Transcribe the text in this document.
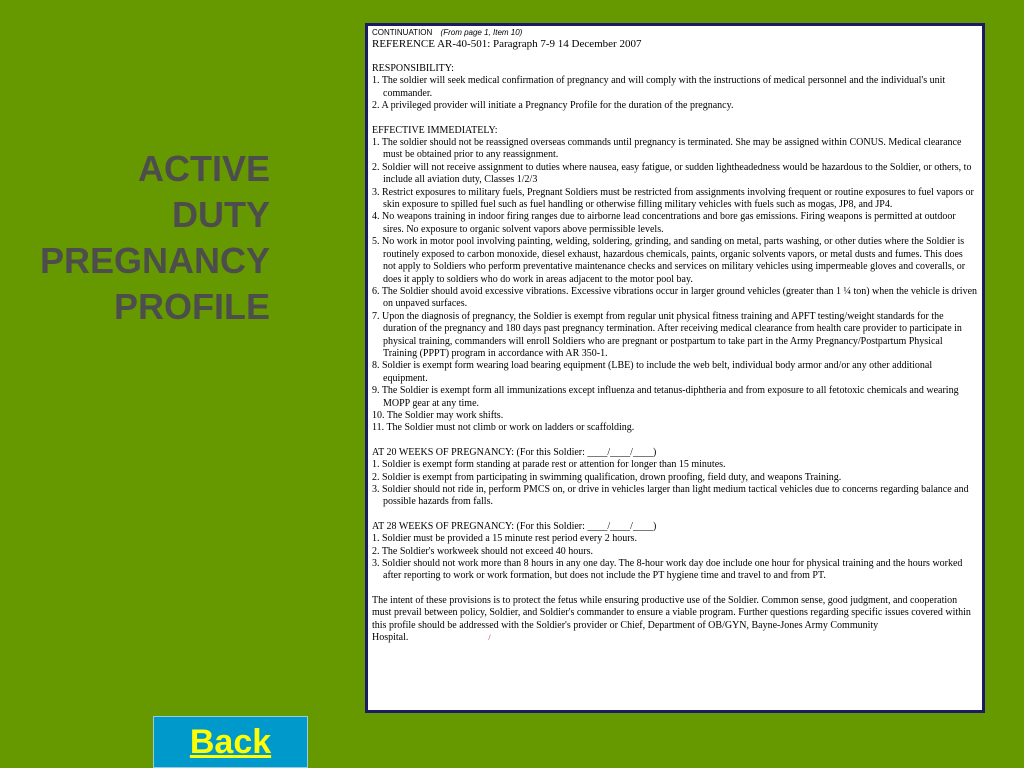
ACTIVE
DUTY
PREGNANCY
PROFILE

CONTINUATION (From page 1, Item 10)

REFERENCE AR-40-501: Paragraph 7-9 14 December 2007

RESPONSIBILITY:

1. The soldier will seek medical confirmation of pregnancy and will comply with the instructions of medical personnel and the individual's unit commander.

2. A privileged provider will initiate a Pregnancy Profile for the duration of the pregnancy.

EFFECTIVE IMMEDIATELY:

1. The soldier should not be reassigned overseas commands until pregnancy is terminated. She may be assigned within CONUS. Medical clearance must be obtained prior to any reassignment.

2. Soldier will not receive assignment to duties where nausea, easy fatigue, or sudden lightheadedness would be hazardous to the Soldier, or others, to include all aviation duty, Classes 1/2/3

3. Restrict exposures to military fuels, Pregnant Soldiers must be restricted from assignments involving frequent or routine exposures to fuel vapors or skin exposure to spilled fuel such as fuel handling or otherwise filling military vehicles with fuels such as mogas, JP8, and JP4.

4. No weapons training in indoor firing ranges due to airborne lead concentrations and bore gas emissions. Firing weapons is permitted at outdoor sires. No exposure to organic solvent vapors above permissible levels.

5. No work in motor pool involving painting, welding, soldering, grinding, and sanding on metal, parts washing, or other duties where the Soldier is routinely exposed to carbon monoxide, diesel exhaust, hazardous chemicals, paints, organic solvents vapors, or metal dusts and fumes. This does not apply to Soldiers who perform preventative maintenance checks and services on military vehicles using impermeable gloves and coveralls, or does it apply to soldiers who do work in areas adjacent to the motor pool bay.

6. The Soldier should avoid excessive vibrations. Excessive vibrations occur in larger ground vehicles (greater than 1 ¼ ton) when the vehicle is driven on unpaved surfaces.

7. Upon the diagnosis of pregnancy, the Soldier is exempt from regular unit physical fitness training and APFT testing/weight standards for the duration of the pregnancy and 180 days past pregnancy termination. After receiving medical clearance from health care provider to participate in physical training, commanders will enroll Soldiers who are pregnant or postpartum to take part in the Army Pregnancy/Postpartum Physical Training (PPPT) program in accordance with AR 350-1.

8. Soldier is exempt form wearing load bearing equipment (LBE) to include the web belt, individual body armor and/or any other additional equipment.

9. The Soldier is exempt form all immunizations except influenza and tetanus-diphtheria and from exposure to all fetotoxic chemicals and wearing MOPP gear at any time.

10. The Soldier may work shifts.

11. The Soldier must not climb or work on ladders or scaffolding.

AT 20 WEEKS OF PREGNANCY: (For this Soldier: ____/____/____)

1. Soldier is exempt form standing at parade rest or attention for longer than 15 minutes.

2. Soldier is exempt from participating in swimming qualification, drown proofing, field duty, and weapons Training.

3. Soldier should not ride in, perform PMCS on, or drive in vehicles larger than light medium tactical vehicles due to concerns regarding balance and possible hazards from falls.

AT 28 WEEKS OF PREGNANCY: (For this Soldier: ____/____/____)

1. Soldier must be provided a 15 minute rest period every 2 hours.

2. The Soldier's workweek should not exceed 40 hours.

3. Soldier should not work more than 8 hours in any one day. The 8-hour work day doe include one hour for physical training and the hours worked after reporting to work or work formation, but does not include the PT hygiene time and travel to and from PT.

The intent of these provisions is to protect the fetus while ensuring productive use of the Soldier. Common sense, good judgment, and cooperation must prevail between policy, Soldier, and Soldier's commander to ensure a viable program. Further questions regarding specific issues covered within this profile should be addressed with the Soldier's provider or Chief, Department of OB/GYN, Bayne-Jones Army Community Hospital.	/

Back
